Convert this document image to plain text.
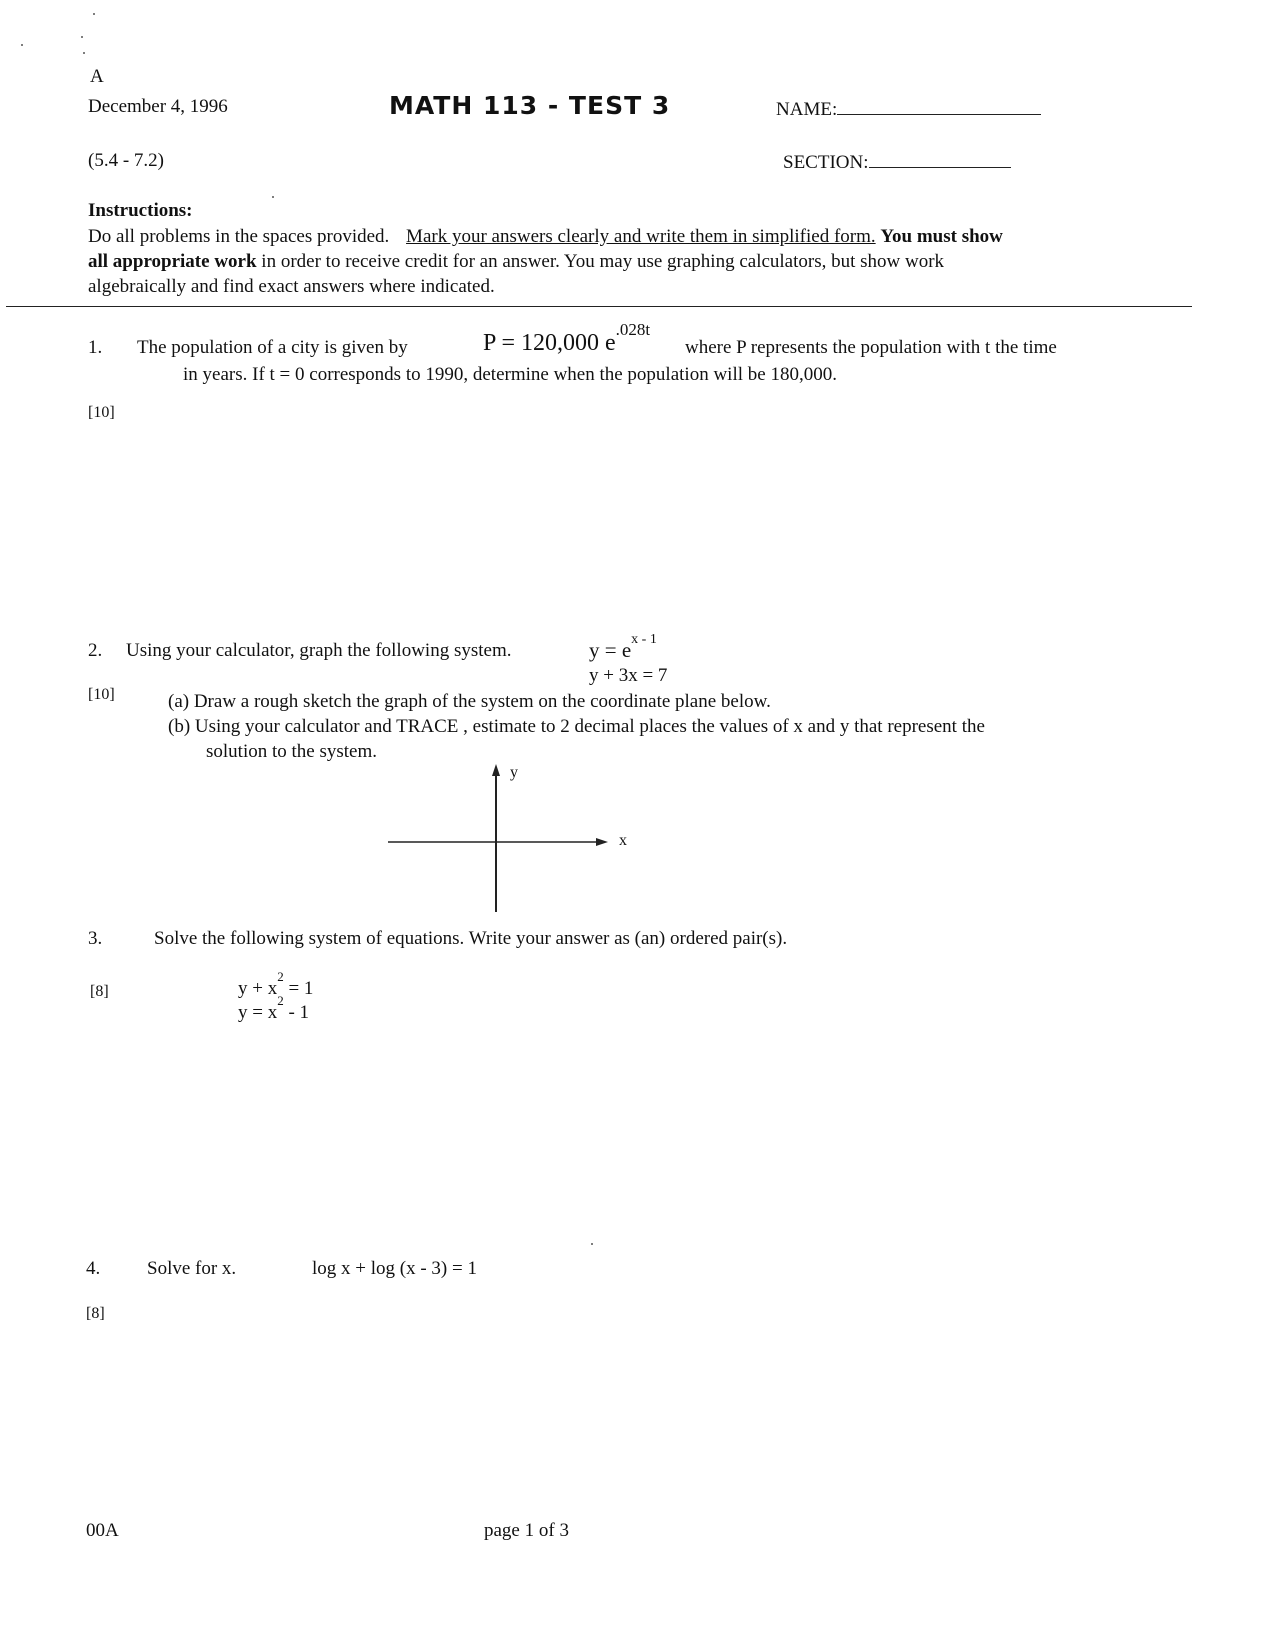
A
December 4, 1996	MATH 113 - TEST 3	NAME:
(5.4 - 7.2)	SECTION:
Instructions:
Do all problems in the spaces provided. Mark your answers clearly and write them in simplified form. You must show
all appropriate work in order to receive credit for an answer. You may use graphing calculators, but show work
algebraically and find exact answers where indicated.
1. The population of a city is given by	P = 120,000 $e^{.028t}$
where P represents the population with t the time
in years. If t = 0 corresponds to 1990, determine when the population will be 180,000.
[10]
2. Using your calculator, graph the following system.	$y = e^{x - 1}$
y + 3x = 7
[10]	(a) Draw a rough sketch the graph of the system on the coordinate plane below.
(b) Using your calculator and TRACE , estimate to 2 decimal places the values of x and y that represent the
solution to the system.
y
x
3.	Solve the following system of equations. Write your answer as (an) ordered pair(s).
[8]	$y + x^2 = 1$
$y = x^2 - 1$
4. Solve for x.	log x + log (x - 3) = 1
[8]
00A	page 1 of 3
